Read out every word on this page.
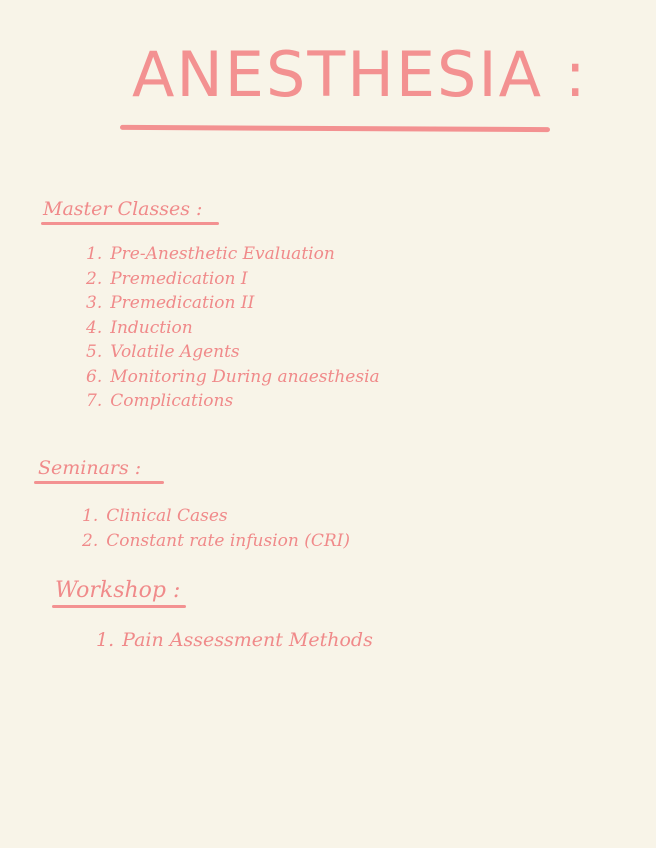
ANESTHESIA :
Master Classes :
1. Pre-Anesthetic Evaluation
2. Premedication I
3. Premedication II
4. Induction
5. Volatile Agents
6. Monitoring During anaesthesia
7. Complications
Seminars :
1. Clinical Cases
2. Constant rate infusion (CRI)
Workshop :
1. Pain Assessment Methods
